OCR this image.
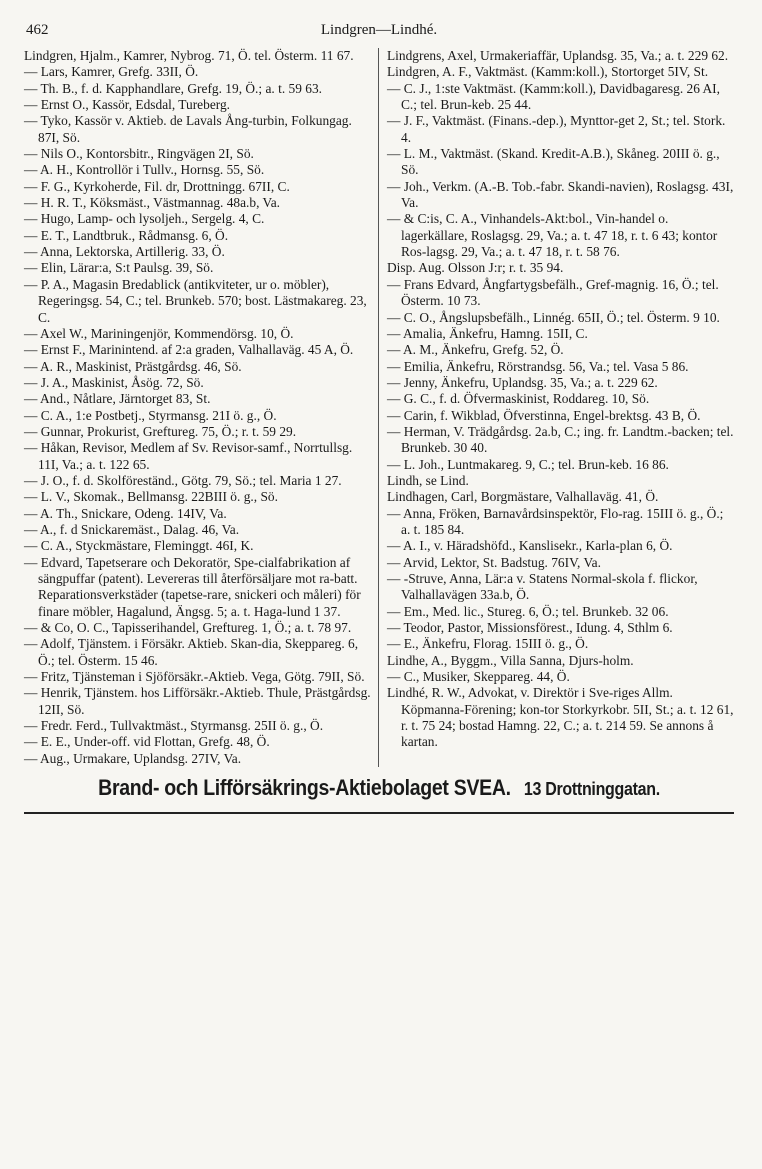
462	Lindgren—Lindhé.

Lindgren, Hjalm., Kamrer, Nybrog. 71, Ö. tel. Österm. 11 67.

— Lars, Kamrer, Grefg. 33II, Ö.

— Th. B., f. d. Kapphandlare, Grefg. 19, Ö.; a. t. 59 63.

— Ernst O., Kassör, Edsdal, Tureberg.

— Tyko, Kassör v. Aktieb. de Lavals Ång-turbin, Folkungag. 87I, Sö.

— Nils O., Kontorsbitr., Ringvägen 2I, Sö.

— A. H., Kontrollör i Tullv., Hornsg. 55, Sö.

— F. G., Kyrkoherde, Fil. dr, Drottningg. 67II, C.

— H. R. T., Köksmäst., Västmannag. 48a.b, Va.

— Hugo, Lamp- och lysoljeh., Sergelg. 4, C.

— E. T., Landtbruk., Rådmansg. 6, Ö.

— Anna, Lektorska, Artillerig. 33, Ö.

— Elin, Lärar:a, S:t Paulsg. 39, Sö.

— P. A., Magasin Bredablick (antikviteter, ur o. möbler), Regeringsg. 54, C.; tel. Brunkeb. 570; bost. Lästmakareg. 23, C.

— Axel W., Mariningenjör, Kommendörsg. 10, Ö.

— Ernst F., Marinintend. af 2:a graden, Valhallaväg. 45 A, Ö.

— A. R., Maskinist, Prästgårdsg. 46, Sö.

— J. A., Maskinist, Åsög. 72, Sö.

— And., Nåtlare, Järntorget 83, St.

— C. A., 1:e Postbetj., Styrmansg. 21I ö. g., Ö.

— Gunnar, Prokurist, Greftureg. 75, Ö.; r. t. 59 29.

— Håkan, Revisor, Medlem af Sv. Revisor-samf., Norrtullsg. 11I, Va.; a. t. 122 65.

— J. O., f. d. Skolföreständ., Götg. 79, Sö.; tel. Maria 1 27.

— L. V., Skomak., Bellmansg. 22BIII ö. g., Sö.

— A. Th., Snickare, Odeng. 14IV, Va.

— A., f. d Snickaremäst., Dalag. 46, Va.

— C. A., Styckmästare, Fleminggt. 46I, K.

— Edvard, Tapetserare och Dekoratör, Spe-cialfabrikation af sängpuffar (patent). Levereras till återförsäljare mot ra-batt. Reparationsverkstäder (tapetse-rare, snickeri och måleri) för finare möbler, Hagalund, Ängsg. 5; a. t. Haga-lund 1 37.

— & Co, O. C., Tapisserihandel, Greftureg. 1, Ö.; a. t. 78 97.

— Adolf, Tjänstem. i Försäkr. Aktieb. Skan-dia, Skeppareg. 6, Ö.; tel. Österm. 15 46.

— Fritz, Tjänsteman i Sjöförsäkr.-Aktieb. Vega, Götg. 79II, Sö.

— Henrik, Tjänstem. hos Lifförsäkr.-Aktieb. Thule, Prästgårdsg. 12II, Sö.

— Fredr. Ferd., Tullvaktmäst., Styrmansg. 25II ö. g., Ö.

— E. E., Under-off. vid Flottan, Grefg. 48, Ö.

— Aug., Urmakare, Uplandsg. 27IV, Va.

Lindgrens, Axel, Urmakeriaffär, Uplandsg. 35, Va.; a. t. 229 62.

Lindgren, A. F., Vaktmäst. (Kamm:koll.), Stortorget 5IV, St.

— C. J., 1:ste Vaktmäst. (Kamm:koll.), Davidbagaresg. 26 AI, C.; tel. Brun-keb. 25 44.

— J. F., Vaktmäst. (Finans.-dep.), Mynttor-get 2, St.; tel. Stork. 4.

— L. M., Vaktmäst. (Skand. Kredit-A.B.), Skåneg. 20III ö. g., Sö.

— Joh., Verkm. (A.-B. Tob.-fabr. Skandi-navien), Roslagsg. 43I, Va.

— & C:is, C. A., Vinhandels-Akt:bol., Vin-handel o. lagerkällare, Roslagsg. 29, Va.; a. t. 47 18, r. t. 6 43; kontor Ros-lagsg. 29, Va.; a. t. 47 18, r. t. 58 76.

Disp. Aug. Olsson J:r; r. t. 35 94.

— Frans Edvard, Ångfartygsbefälh., Gref-magnig. 16, Ö.; tel. Österm. 10 73.

— C. O., Ångslupsbefälh., Linnég. 65II, Ö.; tel. Österm. 9 10.

— Amalia, Änkefru, Hamng. 15II, C.

— A. M., Änkefru, Grefg. 52, Ö.

— Emilia, Änkefru, Rörstrandsg. 56, Va.; tel. Vasa 5 86.

— Jenny, Änkefru, Uplandsg. 35, Va.; a. t. 229 62.

— G. C., f. d. Öfvermaskinist, Roddareg. 10, Sö.

— Carin, f. Wikblad, Öfverstinna, Engel-brektsg. 43 B, Ö.

— Herman, V. Trädgårdsg. 2a.b, C.; ing. fr. Landtm.-backen; tel. Brunkeb. 30 40.

— L. Joh., Luntmakareg. 9, C.; tel. Brun-keb. 16 86.

Lindh, se Lind.

Lindhagen, Carl, Borgmästare, Valhallaväg. 41, Ö.

— Anna, Fröken, Barnavårdsinspektör, Flo-rag. 15III ö. g., Ö.; a. t. 185 84.

— A. I., v. Häradshöfd., Kanslisekr., Karla-plan 6, Ö.

— Arvid, Lektor, St. Badstug. 76IV, Va.

— -Struve, Anna, Lär:a v. Statens Normal-skola f. flickor, Valhallavägen 33a.b, Ö.

— Em., Med. lic., Stureg. 6, Ö.; tel. Brunkeb. 32 06.

— Teodor, Pastor, Missionsförest., Idung. 4, Sthlm 6.

— E., Änkefru, Florag. 15III ö. g., Ö.

Lindhe, A., Byggm., Villa Sanna, Djurs-holm.

— C., Musiker, Skeppareg. 44, Ö.

Lindhé, R. W., Advokat, v. Direktör i Sve-riges Allm. Köpmanna-Förening; kon-tor Storkyrkobr. 5II, St.; a. t. 12 61, r. t. 75 24; bostad Hamng. 22, C.; a. t. 214 59. Se annons å kartan.

Brand- och Lifförsäkrings-Aktiebolaget SVEA. 13 Drottninggatan.
